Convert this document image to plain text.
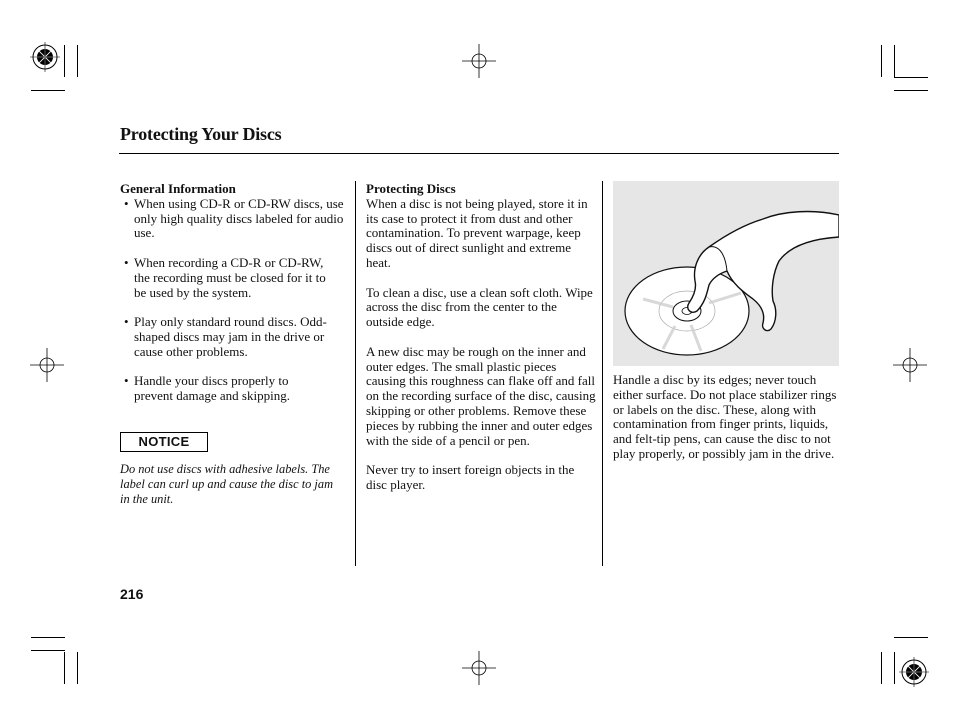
Protecting Your Discs

General Information

• When using CD-R or CD-RW discs, use only high quality discs labeled for audio use.
• When recording a CD-R or CD-RW, the recording must be closed for it to be used by the system.
• Play only standard round discs. Odd-shaped discs may jam in the drive or cause other problems.
• Handle your discs properly to prevent damage and skipping.
NOTICE
Do not use discs with adhesive labels. The label can curl up and cause the disc to jam in the unit.

Protecting Discs

When a disc is not being played, store it in its case to protect it from dust and other contamination. To prevent warpage, keep discs out of direct sunlight and extreme heat.

To clean a disc, use a clean soft cloth. Wipe across the disc from the center to the outside edge.

A new disc may be rough on the inner and outer edges. The small plastic pieces causing this roughness can flake off and fall on the recording surface of the disc, causing skipping or other problems. Remove these pieces by rubbing the inner and outer edges with the side of a pencil or pen.

Never try to insert foreign objects in the disc player.

Handle a disc by its edges; never touch either surface. Do not place stabilizer rings or labels on the disc. These, along with contamination from finger prints, liquids, and felt-tip pens, can cause the disc to not play properly, or possibly jam in the drive.
216
